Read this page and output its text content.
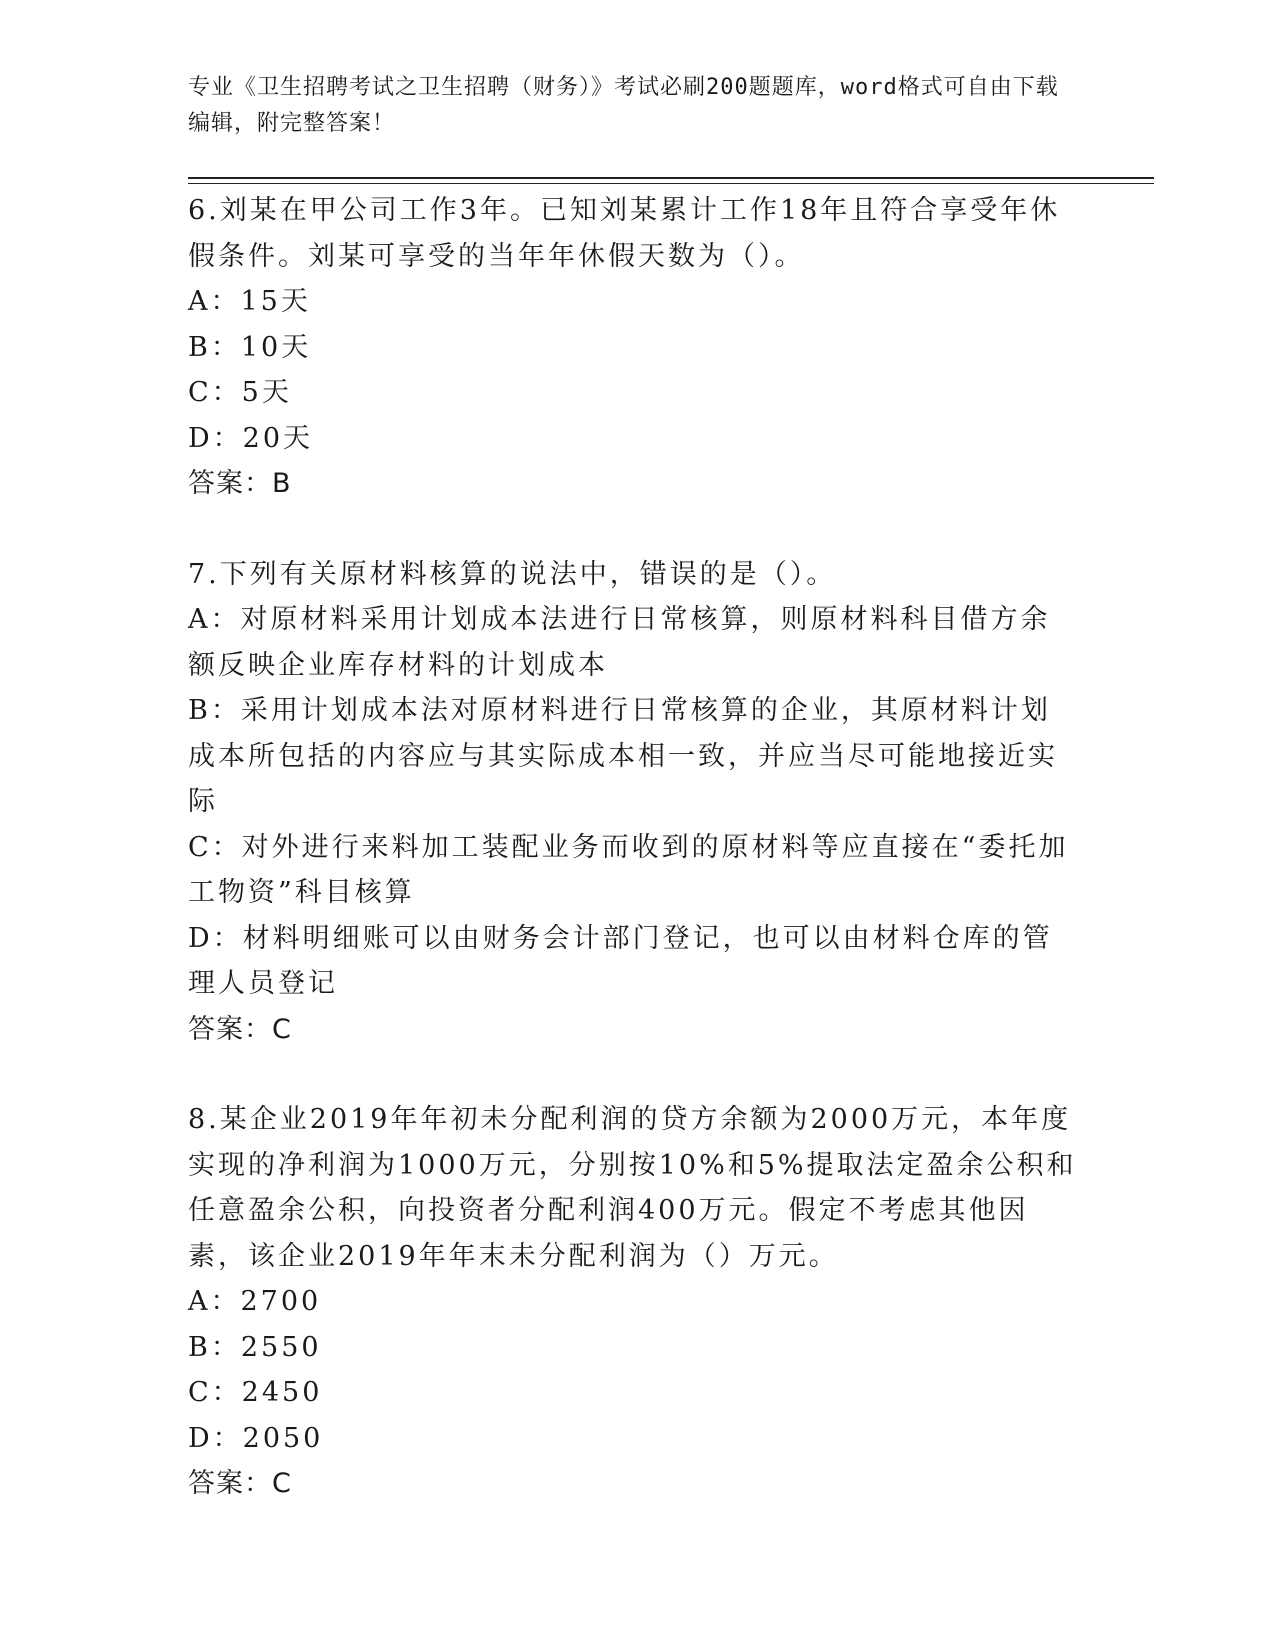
专业《卫生招聘考试之卫生招聘（财务）》考试必刷200题题库，word格式可自由下载编辑，附完整答案！

6.刘某在甲公司工作3年。已知刘某累计工作18年且符合享受年休假条件。刘某可享受的当年年休假天数为（）。

A：15天

B：10天

C：5天

D：20天

答案：B

7.下列有关原材料核算的说法中，错误的是（）。

A：对原材料采用计划成本法进行日常核算，则原材料科目借方余额反映企业库存材料的计划成本

B：采用计划成本法对原材料进行日常核算的企业，其原材料计划成本所包括的内容应与其实际成本相一致，并应当尽可能地接近实际

C：对外进行来料加工装配业务而收到的原材料等应直接在“委托加工物资”科目核算

D：材料明细账可以由财务会计部门登记，也可以由材料仓库的管理人员登记

答案：C

8.某企业2019年年初未分配利润的贷方余额为2000万元，本年度实现的净利润为1000万元，分别按10%和5%提取法定盈余公积和任意盈余公积，向投资者分配利润400万元。假定不考虑其他因素，该企业2019年年末未分配利润为（）万元。

A：2700

B：2550

C：2450

D：2050

答案：C
